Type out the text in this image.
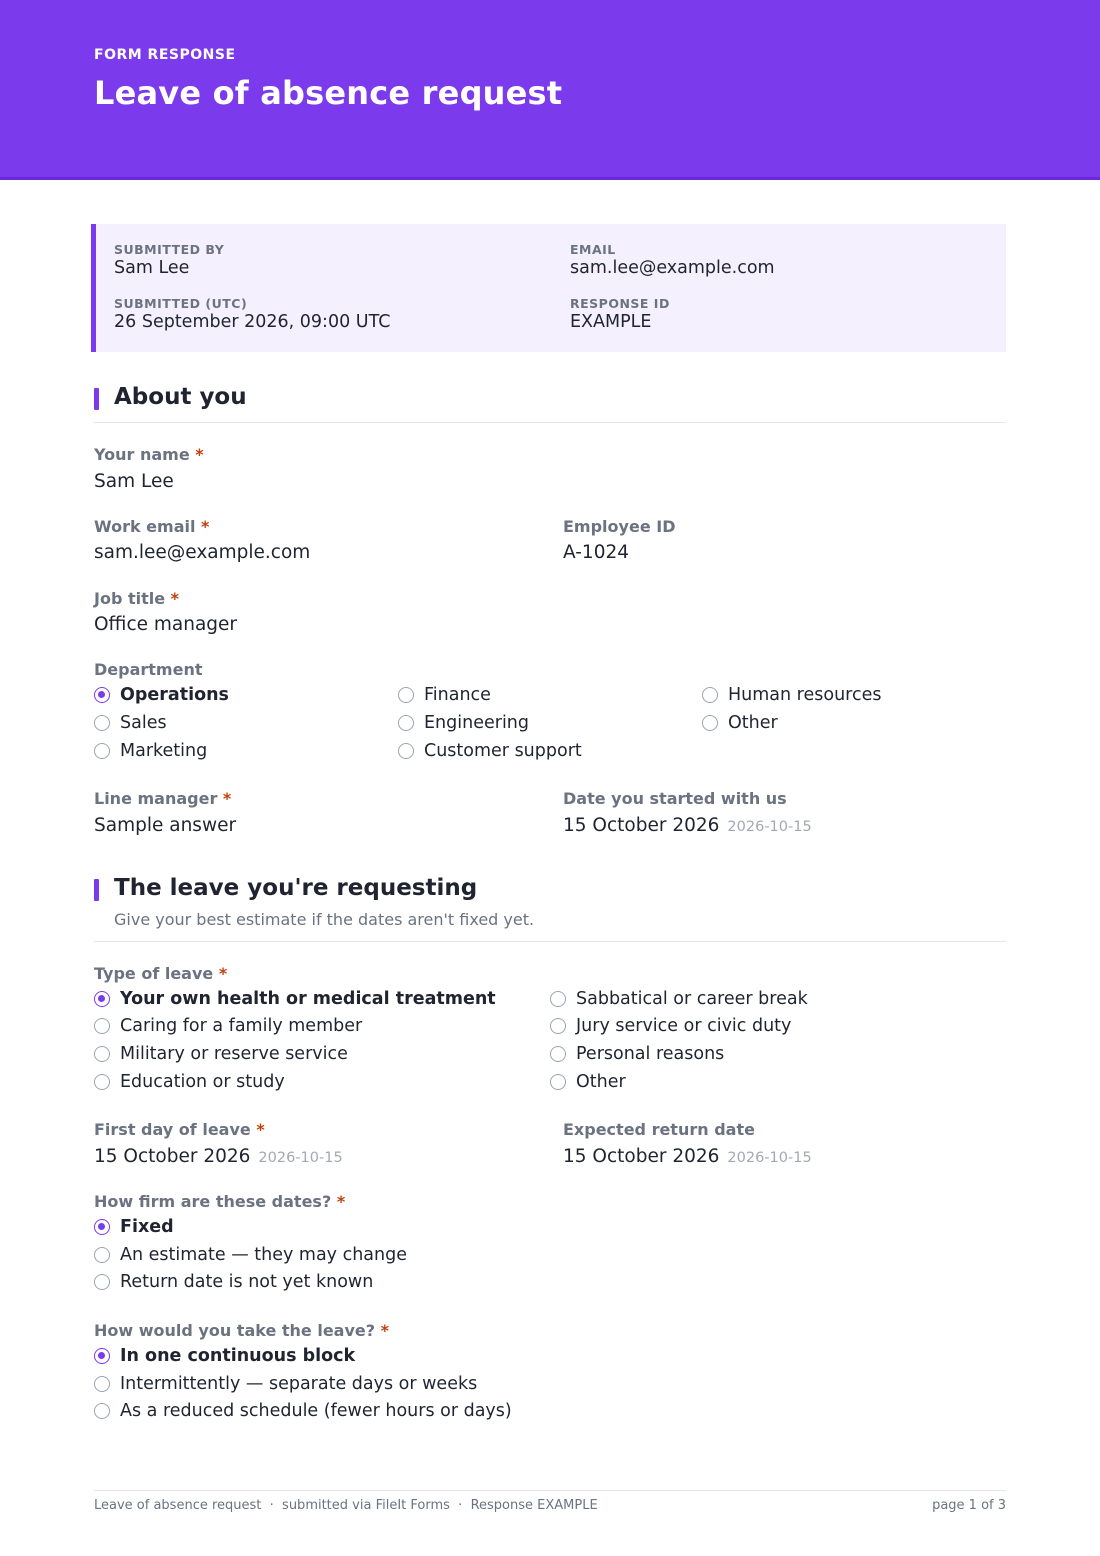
FORM RESPONSE
Leave of absence request
SUBMITTED BY
Sam Lee
EMAIL
sam.lee@example.com
SUBMITTED (UTC)
26 September 2026, 09:00 UTC
RESPONSE ID
EXAMPLE
About you
Your name *
Sam Lee
Work email *
sam.lee@example.com
Employee ID
A-1024
Job title *
Office manager
Department
Operations	Finance	Human resources
Sales	Engineering	Other
Marketing	Customer support
Line manager *
Sample answer
Date you started with us
15 October 2026 2026-10-15
The leave you're requesting
Give your best estimate if the dates aren't fixed yet.
Type of leave *
Your own health or medical treatment	Sabbatical or career break
Caring for a family member	Jury service or civic duty
Military or reserve service	Personal reasons
Education or study	Other
First day of leave *
15 October 2026 2026-10-15
Expected return date
15 October 2026 2026-10-15
How firm are these dates? *
Fixed
An estimate — they may change
Return date is not yet known
How would you take the leave? *
In one continuous block
Intermittently — separate days or weeks
As a reduced schedule (fewer hours or days)
Leave of absence request  ·  submitted via FileIt Forms  ·  Response EXAMPLE	page 1 of 3
